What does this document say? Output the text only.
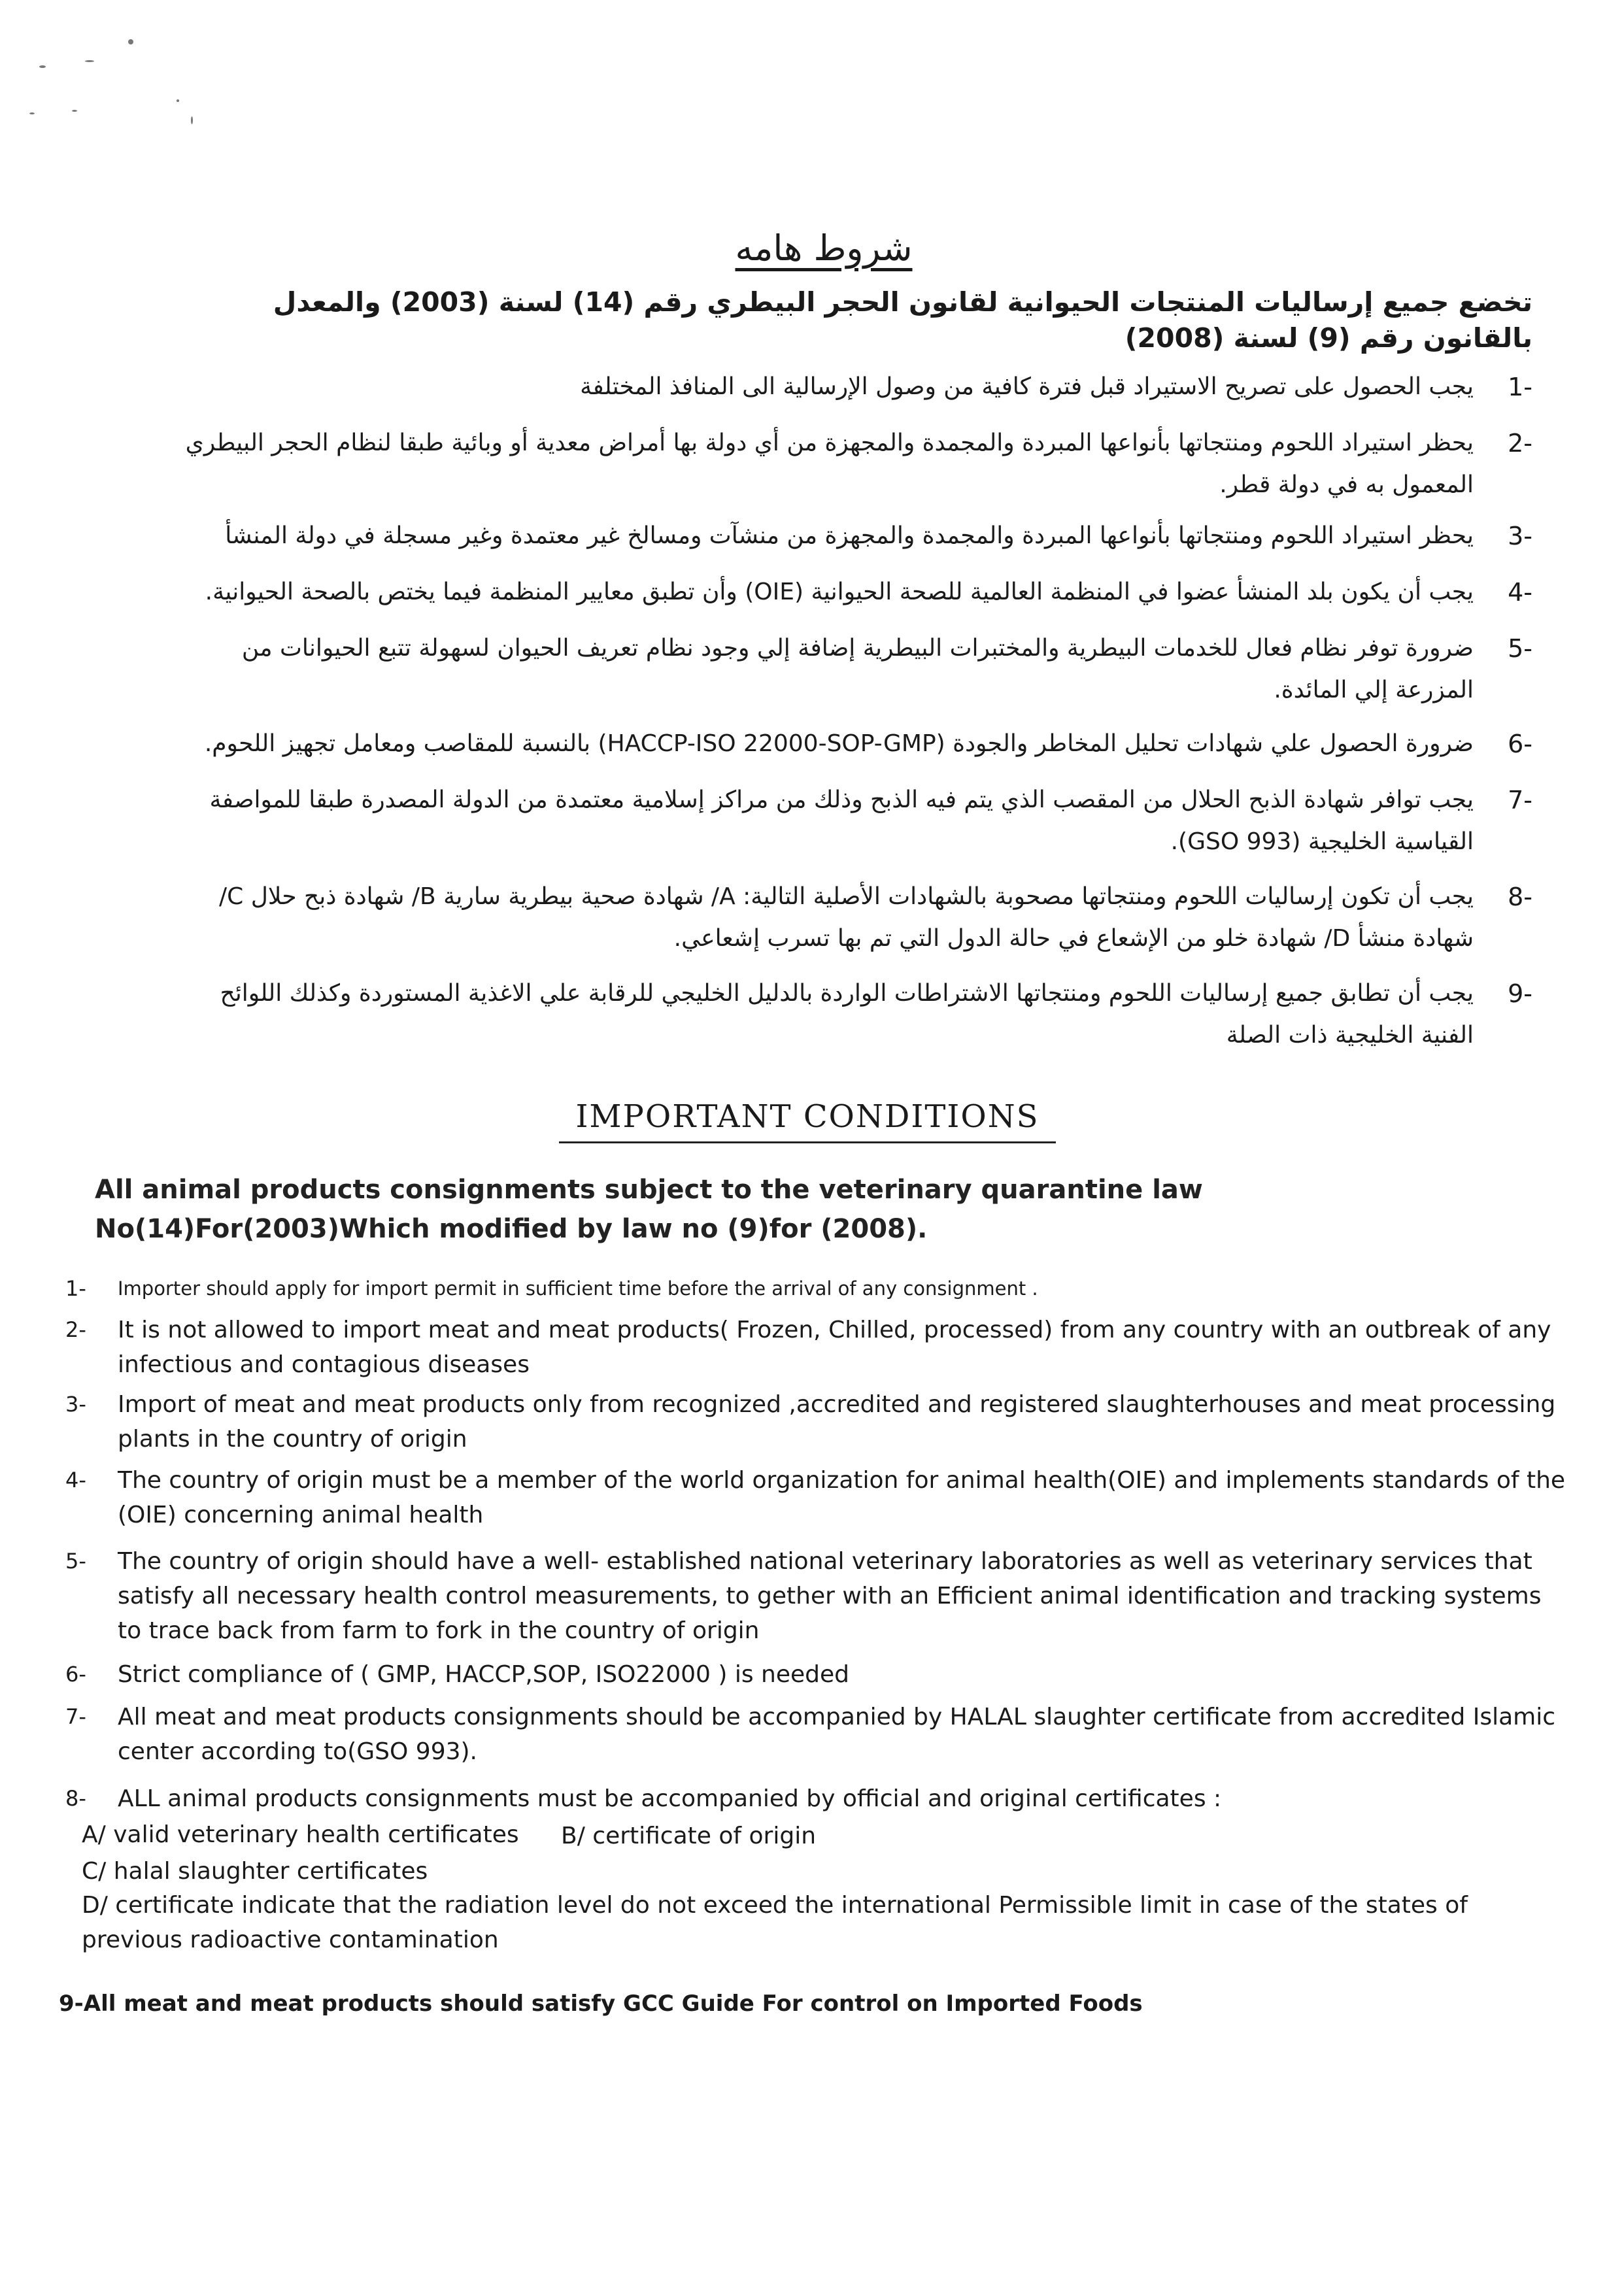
شروط هامه
تخضع جميع إرساليات المنتجات الحيوانية لقانون الحجر البيطري رقم (14) لسنة (2003) والمعدل بالقانون رقم (9) لسنة (2008)
1-
يجب الحصول على تصريح الاستيراد قبل فترة كافية من وصول الإرسالية الى المنافذ المختلفة
2-
يحظر استيراد اللحوم ومنتجاتها بأنواعها المبردة والمجمدة والمجهزة من أي دولة بها أمراض معدية أو وبائية طبقا لنظام الحجر البيطري المعمول به في دولة قطر.
3-
يحظر استيراد اللحوم ومنتجاتها بأنواعها المبردة والمجمدة والمجهزة من منشآت ومسالخ غير معتمدة وغير مسجلة في دولة المنشأ
4-
يجب أن يكون بلد المنشأ عضوا في المنظمة العالمية للصحة الحيوانية (OIE) وأن تطبق معايير المنظمة فيما يختص بالصحة الحيوانية.
5-
ضرورة توفر نظام فعال للخدمات البيطرية والمختبرات البيطرية إضافة إلي وجود نظام تعريف الحيوان لسهولة تتبع الحيوانات من المزرعة إلي المائدة.
6-
ضرورة الحصول علي شهادات تحليل المخاطر والجودة (HACCP-ISO 22000-SOP-GMP) بالنسبة للمقاصب ومعامل تجهيز اللحوم.
7-
يجب توافر شهادة الذبح الحلال من المقصب الذي يتم فيه الذبح وذلك من مراكز إسلامية معتمدة من الدولة المصدرة طبقا للمواصفة القياسية الخليجية (GSO 993).
8-
يجب أن تكون إرساليات اللحوم ومنتجاتها مصحوبة بالشهادات الأصلية التالية: A/ شهادة صحية بيطرية سارية B/ شهادة ذبح حلال C/ شهادة منشأ D/ شهادة خلو من الإشعاع في حالة الدول التي تم بها تسرب إشعاعي.
9-
يجب أن تطابق جميع إرساليات اللحوم ومنتجاتها الاشتراطات الواردة بالدليل الخليجي للرقابة علي الاغذية المستوردة وكذلك اللوائح الفنية الخليجية ذات الصلة
IMPORTANT CONDITIONS
All animal products consignments subject to the veterinary quarantine law No(14)For(2003)Which modified by law no (9)for (2008).
1-	Importer should apply for import permit in sufficient time before the arrival of any consignment .
2-	It is not allowed to import meat and meat products( Frozen, Chilled, processed) from any country with an outbreak of any infectious and contagious diseases
3-	Import of meat and meat products only from recognized ,accredited and registered slaughterhouses and meat processing plants in the country of origin
4-	The country of origin must be a member of the world organization for animal health(OIE) and implements standards of the (OIE) concerning animal health
5-	The country of origin should have a well- established national veterinary laboratories as well as veterinary services that satisfy all necessary health control measurements, to gether with an Efficient animal identification and tracking systems to trace back from farm to fork in the country of origin
6-	Strict compliance of ( GMP, HACCP,SOP, ISO22000 ) is needed
7-	All meat and meat products consignments should be accompanied by HALAL slaughter certificate from accredited Islamic center according to(GSO 993).
8-	ALL animal products consignments must be accompanied by official and original certificates :
A/ valid veterinary health certificates B/ certificate of origin
C/ halal slaughter certificates
D/ certificate indicate that the radiation level do not exceed the international Permissible limit in case of the states of previous radioactive contamination
9-All meat and meat products should satisfy GCC Guide For control on Imported Foods
